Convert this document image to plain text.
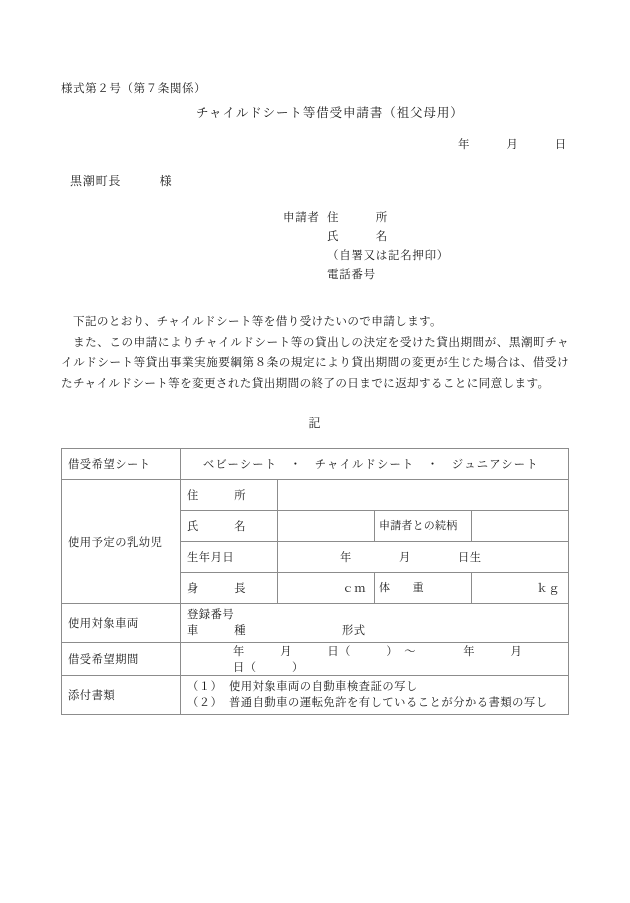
様式第２号（第７条関係）
チャイルドシート等借受申請書（祖父母用）
年　　　月　　　日
黒潮町長　　　様
申請者 住　　　所
氏　　　名
（自署又は記名押印）
電話番号

下記のとおり、チャイルドシート等を借り受けたいので申請します。

また、この申請によりチャイルドシート等の貸出しの決定を受けた貸出期間が、黒潮町チャイルドシート等貸出事業実施要綱第８条の規定により貸出期間の変更が生じた場合は、借受けたチャイルドシート等を変更された貸出期間の終了の日までに返却することに同意します。

記
借受希望シート	ベビーシート　・　チャイルドシート　・　ジュニアシート			
使用予定の乳幼児	住　　　所			
	氏　　　名		申請者との続柄	
	生年月日	年　　　　月　　　　日生		
	身　　　長	ｃｍ	体　　重	ｋｇ
使用対象車両	登録番号
車　　　種 形式			

借受希望期間	年　　　月　　　日（　　　）　～　　　　年　　　月　　　日（　　　）			
添付書類	（１） 使用対象車両の自動車検査証の写し
（２） 普通自動車の運転免許を有していることが分かる書類の写し			
